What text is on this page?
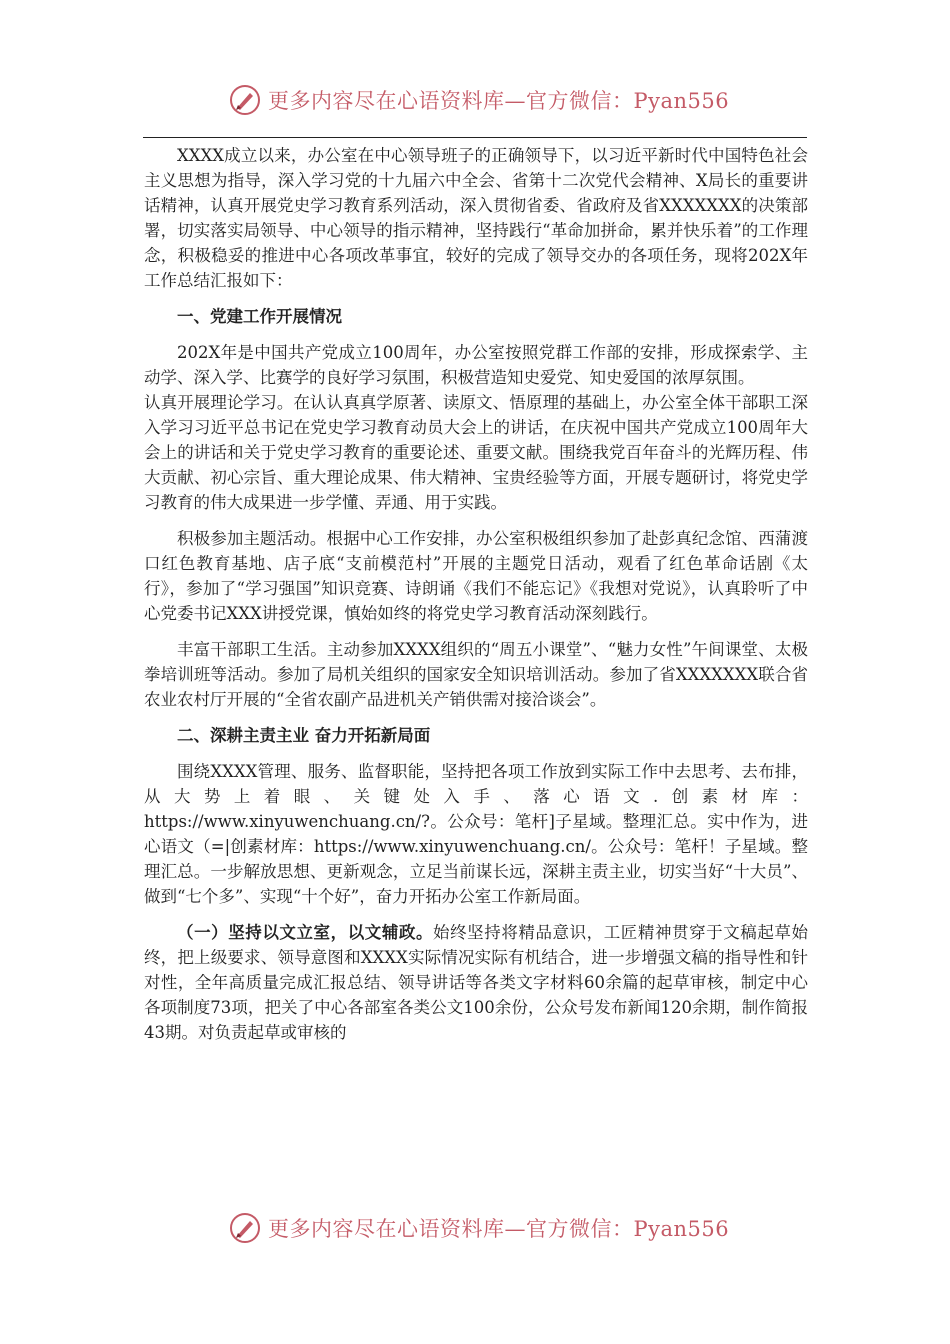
更多内容尽在心语资料库—官方微信：Pyan556

XXXX成立以来，办公室在中心领导班子的正确领导下，以习近平新时代中国特色社会主义思想为指导，深入学习党的十九届六中全会、省第十二次党代会精神、X局长的重要讲话精神，认真开展党史学习教育系列活动，深入贯彻省委、省政府及省XXXXXXX的决策部署，切实落实局领导、中心领导的指示精神，坚持践行“革命加拼命，累并快乐着”的工作理念，积极稳妥的推进中心各项改革事宜，较好的完成了领导交办的各项任务，现将202X年工作总结汇报如下：

一、党建工作开展情况

202X年是中国共产党成立100周年，办公室按照党群工作部的安排，形成探索学、主动学、深入学、比赛学的良好学习氛围，积极营造知史爱党、知史爱国的浓厚氛围。

认真开展理论学习。在认认真真学原著、读原文、悟原理的基础上，办公室全体干部职工深入学习习近平总书记在党史学习教育动员大会上的讲话，在庆祝中国共产党成立100周年大会上的讲话和关于党史学习教育的重要论述、重要文献。围绕我党百年奋斗的光辉历程、伟大贡献、初心宗旨、重大理论成果、伟大精神、宝贵经验等方面，开展专题研讨，将党史学习教育的伟大成果进一步学懂、弄通、用于实践。

积极参加主题活动。根据中心工作安排，办公室积极组织参加了赴彭真纪念馆、西蒲渡口红色教育基地、店子底“支前模范村”开展的主题党日活动，观看了红色革命话剧《太行》，参加了“学习强国”知识竞赛、诗朗诵《我们不能忘记》《我想对党说》，认真聆听了中心党委书记XXX讲授党课，慎始如终的将党史学习教育活动深刻践行。

丰富干部职工生活。主动参加XXXX组织的“周五小课堂”、“魅力女性”午间课堂、太极拳培训班等活动。参加了局机关组织的国家安全知识培训活动。参加了省XXXXXXX联合省农业农村厅开展的“全省农副产品进机关产销供需对接洽谈会”。

二、深耕主责主业 奋力开拓新局面

围绕XXXX管理、服务、监督职能，坚持把各项工作放到实际工作中去思考、去布排，从大势上着眼、关键处入手、落心语文.创素材库：https://www.xinyuwenchuang.cn/?。公众号：笔杆]子星域。整理汇总。实中作为，进心语文（=|创素材库：https://www.xinyuwenchuang.cn/。公众号：笔杆！子星域。整理汇总。一步解放思想、更新观念，立足当前谋长远，深耕主责主业，切实当好“十大员”、做到“七个多”、实现“十个好”，奋力开拓办公室工作新局面。

（一）坚持以文立室，以文辅政。始终坚持将精品意识，工匠精神贯穿于文稿起草始终，把上级要求、领导意图和XXXX实际情况实际有机结合，进一步增强文稿的指导性和针对性，全年高质量完成汇报总结、领导讲话等各类文字材料60余篇的起草审核，制定中心各项制度73项，把关了中心各部室各类公文100余份，公众号发布新闻120余期，制作简报43期。对负责起草或审核的

更多内容尽在心语资料库—官方微信：Pyan556
